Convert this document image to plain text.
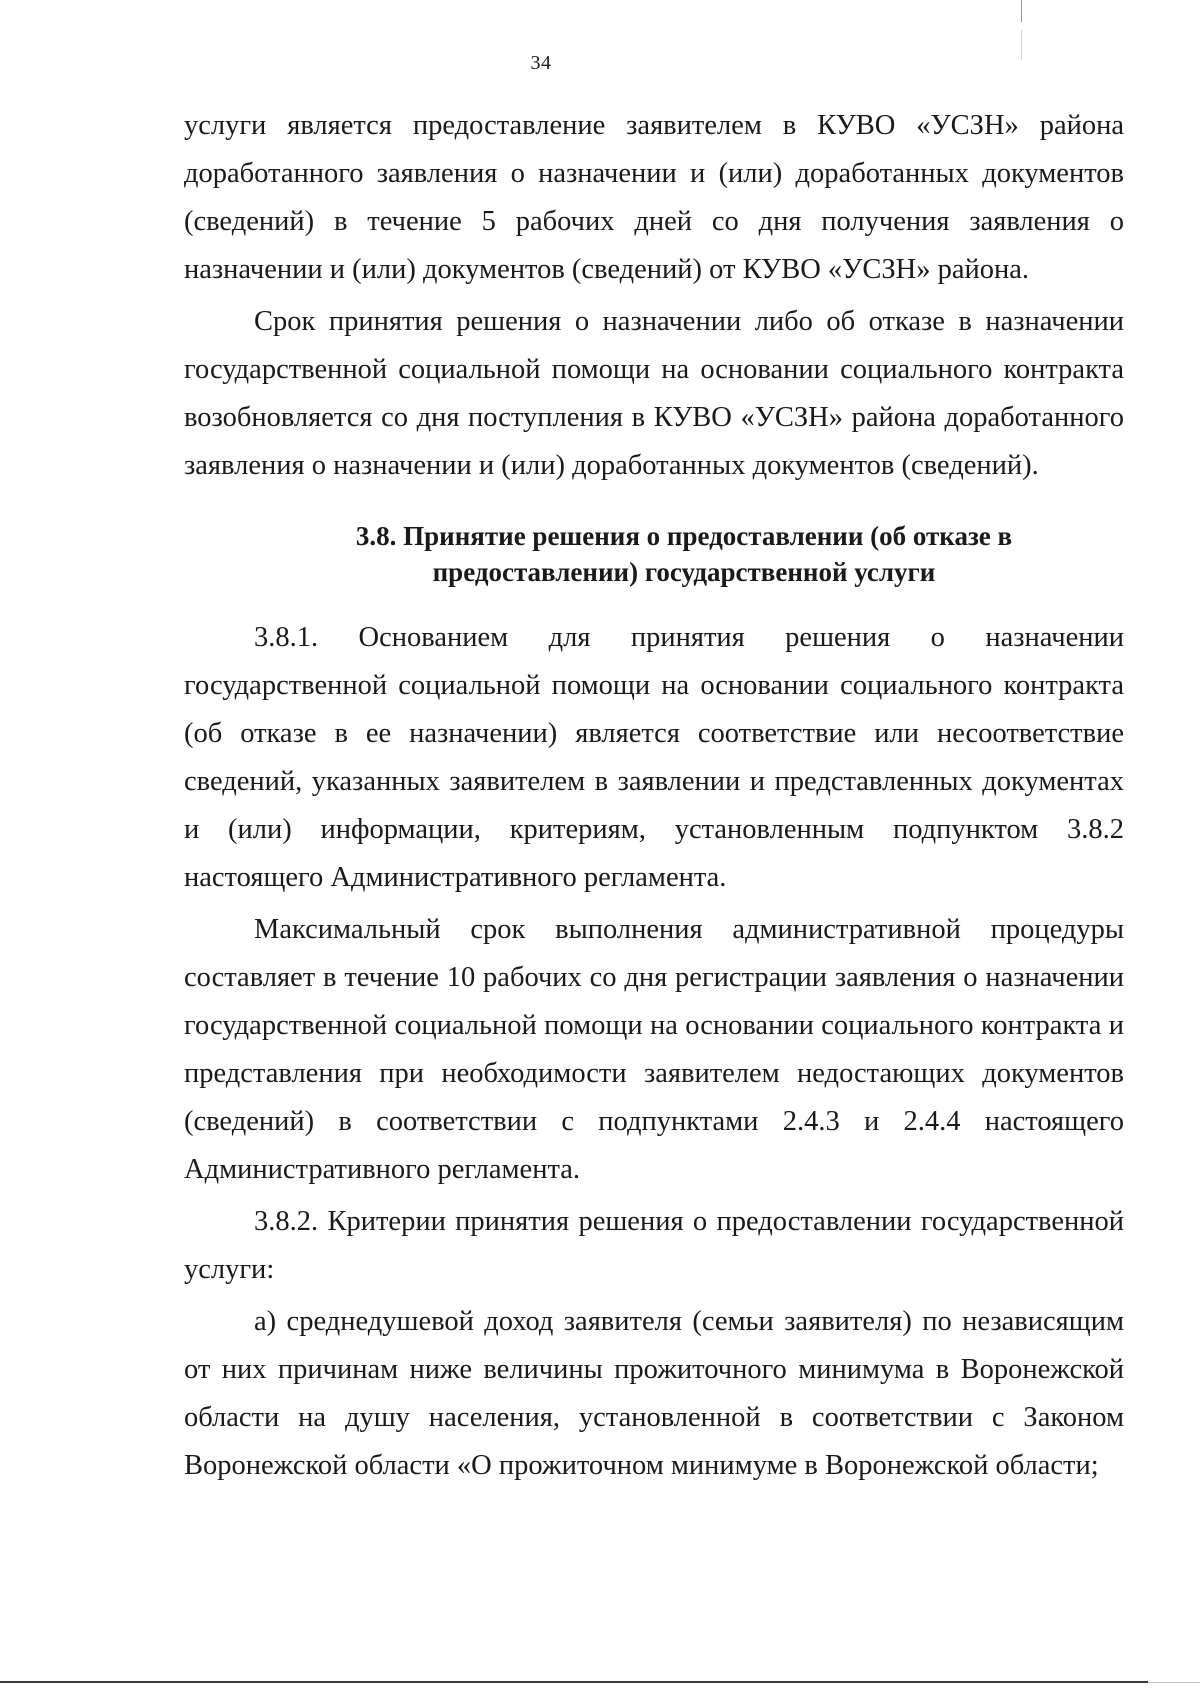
34

услуги является предоставление заявителем в КУВО «УСЗН» района доработанного заявления о назначении и (или) доработанных документов (сведений) в течение 5 рабочих дней со дня получения заявления о назначении и (или) документов (сведений) от КУВО «УСЗН» района.

Срок принятия решения о назначении либо об отказе в назначении государственной социальной помощи на основании социального контракта возобновляется со дня поступления в КУВО «УСЗН» района доработанного заявления о назначении и (или) доработанных документов (сведений).

3.8. Принятие решения о предоставлении (об отказе в
предоставлении) государственной услуги

3.8.1. Основанием для принятия решения о назначении государственной социальной помощи на основании социального контракта (об отказе в ее назначении) является соответствие или несоответствие сведений, указанных заявителем в заявлении и представленных документах и (или) информации, критериям, установленным подпунктом 3.8.2 настоящего Административного регламента.

Максимальный срок выполнения административной процедуры составляет в течение 10 рабочих со дня регистрации заявления о назначении государственной социальной помощи на основании социального контракта и представления при необходимости заявителем недостающих документов (сведений) в соответствии с подпунктами 2.4.3 и 2.4.4 настоящего Административного регламента.

3.8.2. Критерии принятия решения о предоставлении государственной услуги:

а) среднедушевой доход заявителя (семьи заявителя) по независящим от них причинам ниже величины прожиточного минимума в Воронежской области на душу населения, установленной в соответствии с Законом Воронежской области «О прожиточном минимуме в Воронежской области;
